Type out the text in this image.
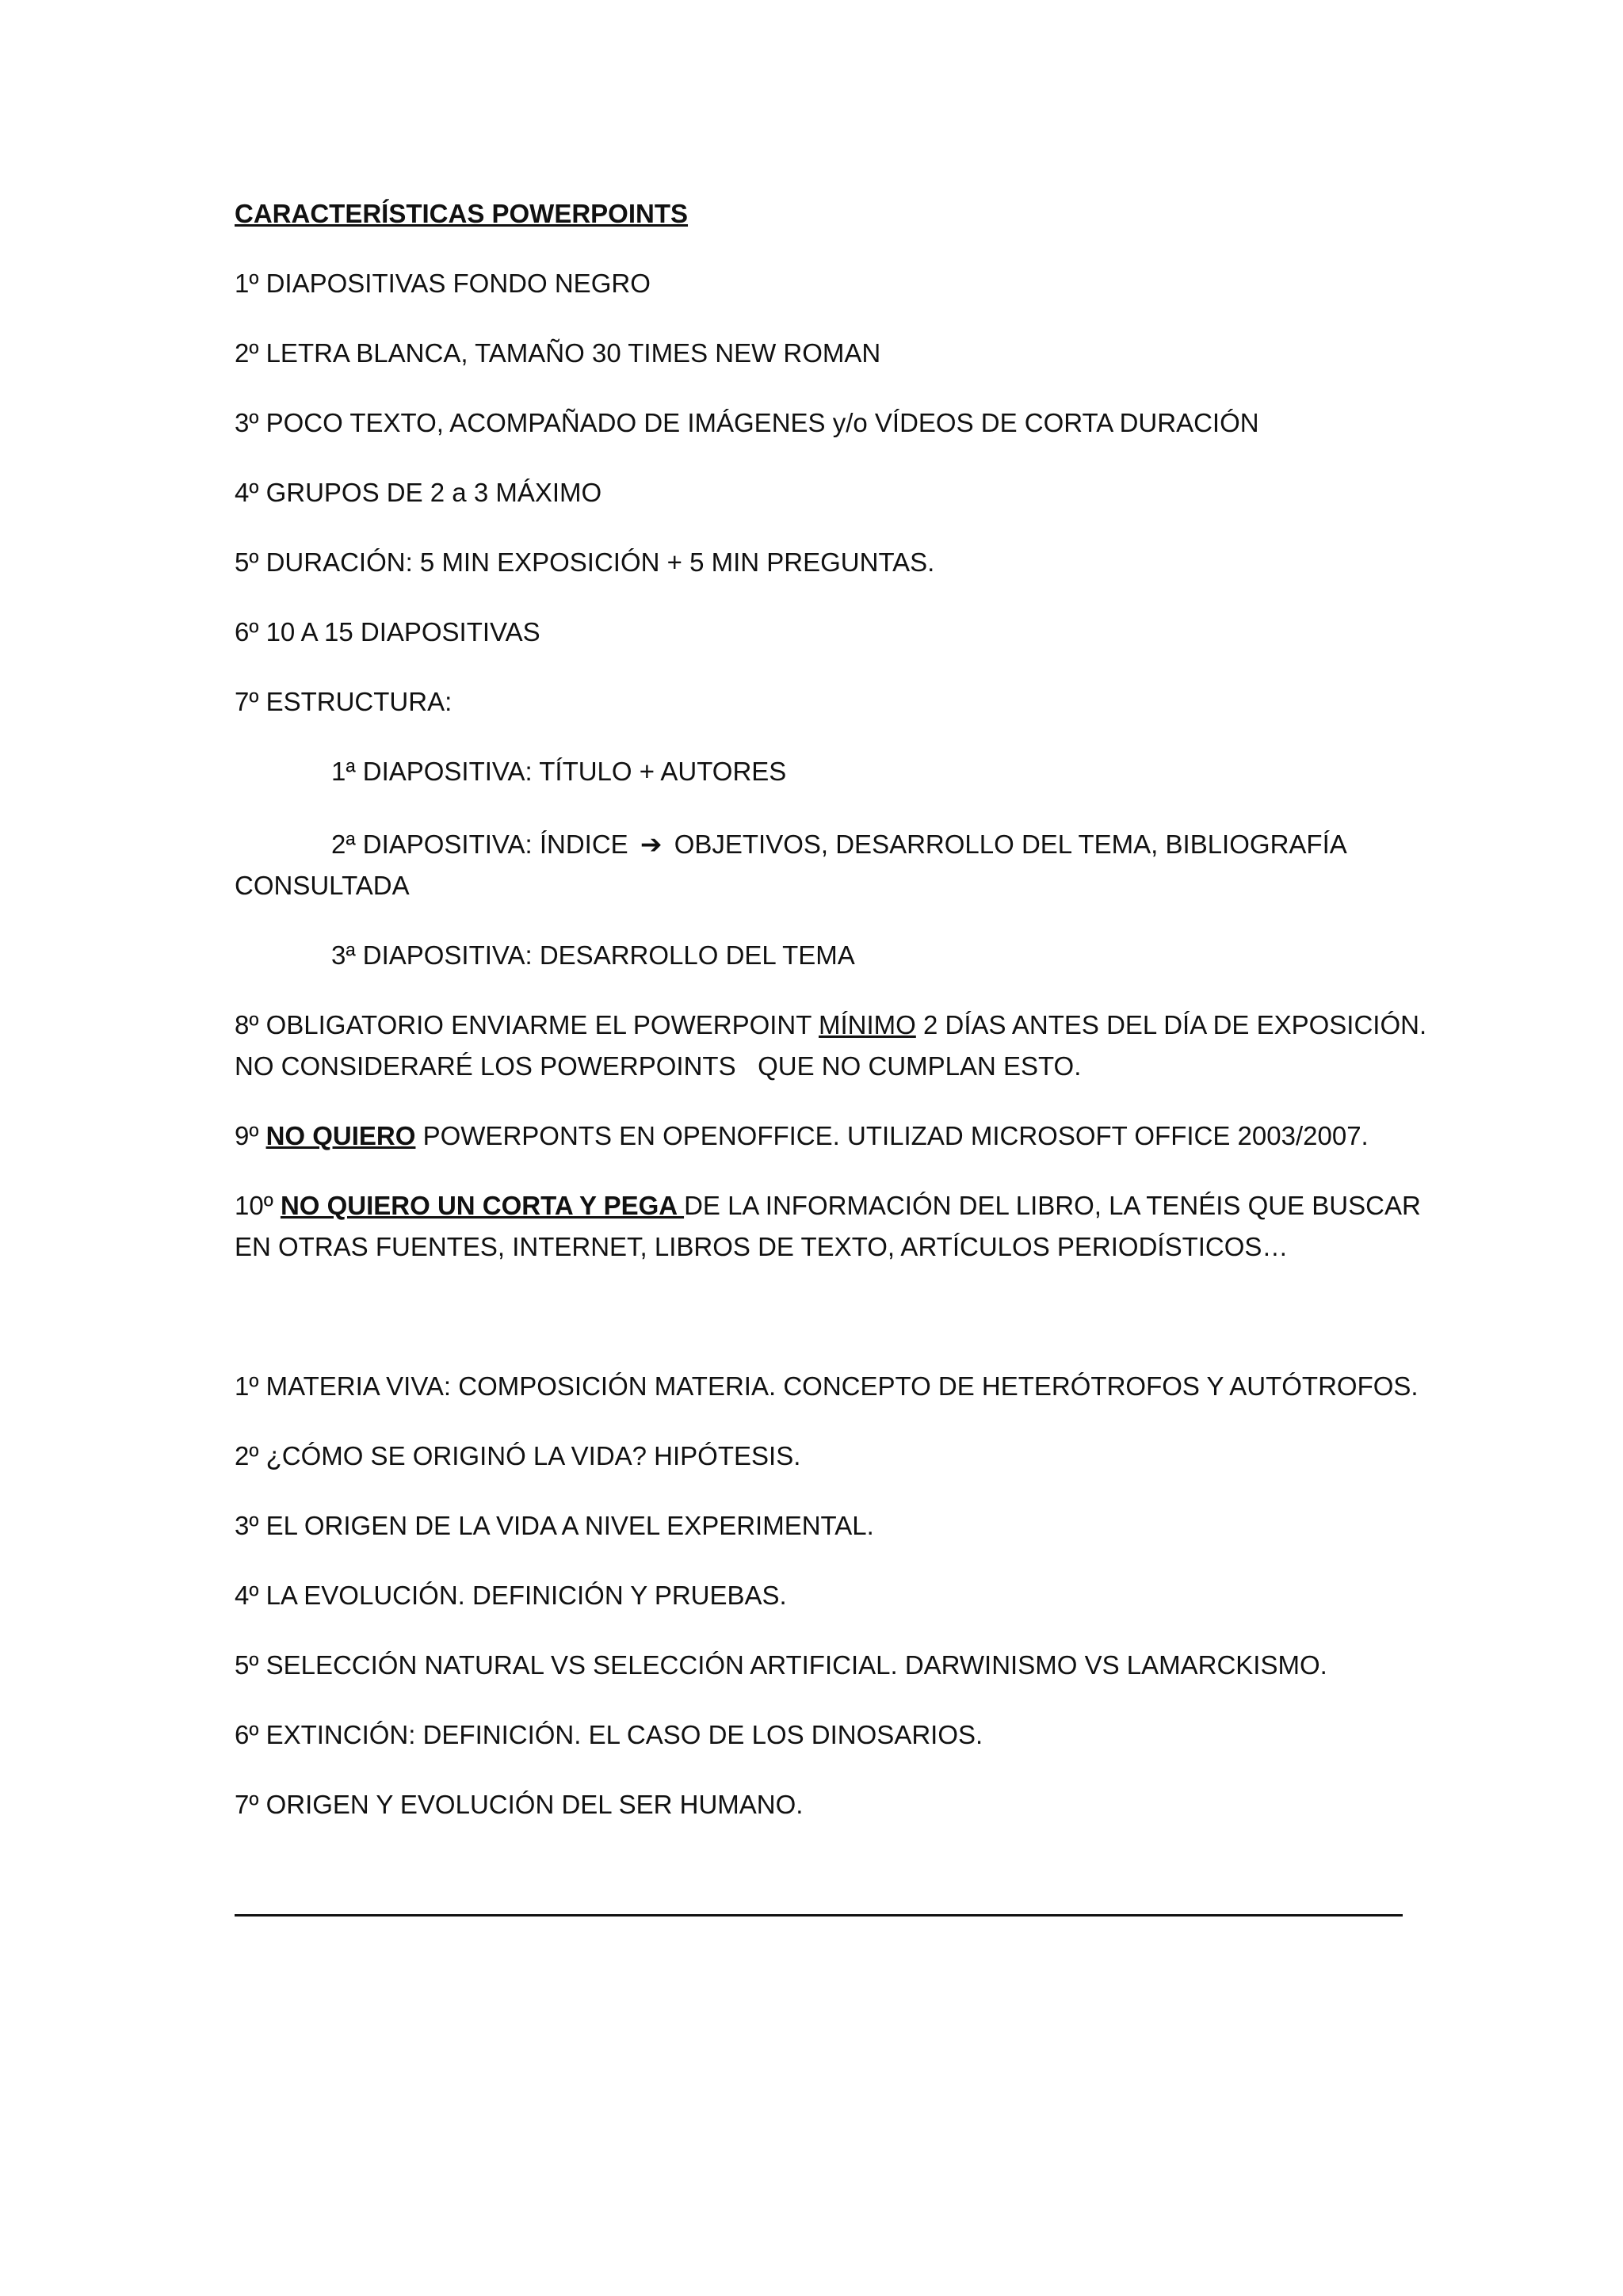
CARACTERÍSTICAS POWERPOINTS
1º DIAPOSITIVAS FONDO NEGRO
2º LETRA BLANCA, TAMAÑO 30 TIMES NEW ROMAN
3º POCO TEXTO, ACOMPAÑADO DE IMÁGENES y/o VÍDEOS DE CORTA DURACIÓN
4º GRUPOS DE 2 a 3 MÁXIMO
5º DURACIÓN: 5 MIN EXPOSICIÓN + 5 MIN PREGUNTAS.
6º 10 A 15 DIAPOSITIVAS
7º ESTRUCTURA:
1ª DIAPOSITIVA: TÍTULO + AUTORES
2ª DIAPOSITIVA: ÍNDICE ➔ OBJETIVOS, DESARROLLO DEL TEMA, BIBLIOGRAFÍA
CONSULTADA
3ª DIAPOSITIVA: DESARROLLO DEL TEMA
8º OBLIGATORIO ENVIARME EL POWERPOINT MÍNIMO 2 DÍAS ANTES DEL DÍA DE EXPOSICIÓN.
NO CONSIDERARÉ LOS POWERPOINTS   QUE NO CUMPLAN ESTO.
9º NO QUIERO POWERPONTS EN OPENOFFICE. UTILIZAD MICROSOFT OFFICE 2003/2007.
10º NO QUIERO UN CORTA Y PEGA DE LA INFORMACIÓN DEL LIBRO, LA TENÉIS QUE BUSCAR
EN OTRAS FUENTES, INTERNET, LIBROS DE TEXTO, ARTÍCULOS PERIODÍSTICOS…
1º MATERIA VIVA: COMPOSICIÓN MATERIA. CONCEPTO DE HETERÓTROFOS Y AUTÓTROFOS.
2º ¿CÓMO SE ORIGINÓ LA VIDA? HIPÓTESIS.
3º EL ORIGEN DE LA VIDA A NIVEL EXPERIMENTAL.
4º LA EVOLUCIÓN. DEFINICIÓN Y PRUEBAS.
5º SELECCIÓN NATURAL VS SELECCIÓN ARTIFICIAL. DARWINISMO VS LAMARCKISMO.
6º EXTINCIÓN: DEFINICIÓN. EL CASO DE LOS DINOSARIOS.
7º ORIGEN Y EVOLUCIÓN DEL SER HUMANO.
